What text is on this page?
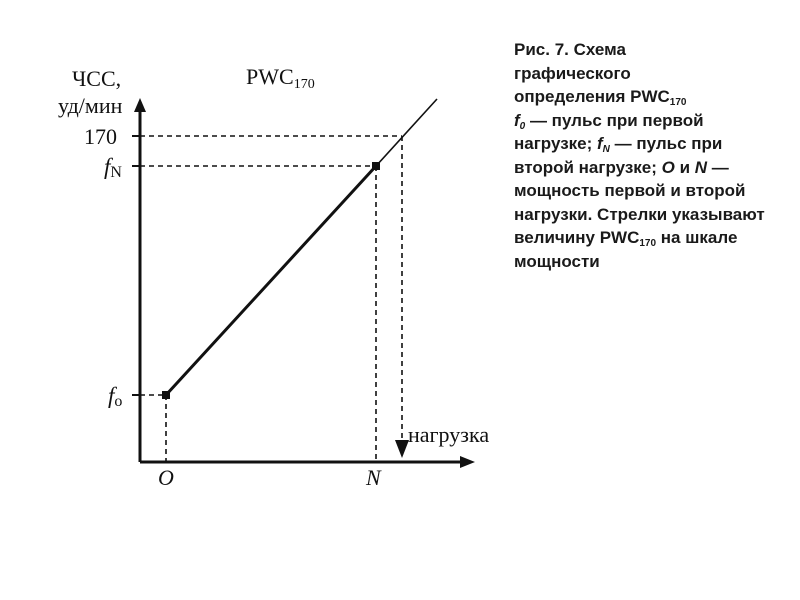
PWC170
ЧСС,
уд/мин
170
fN
fo
нагрузка
O	N
Рис. 7. Схема
графического
определения $PWC_{170}$
$f_0$ — пульс при первой нагрузке; $f_N$ — пульс при второй нагрузке; O и N — мощность первой и второй нагрузки. Стрелки указывают величину $PWC_{170}$ на шкале мощности
